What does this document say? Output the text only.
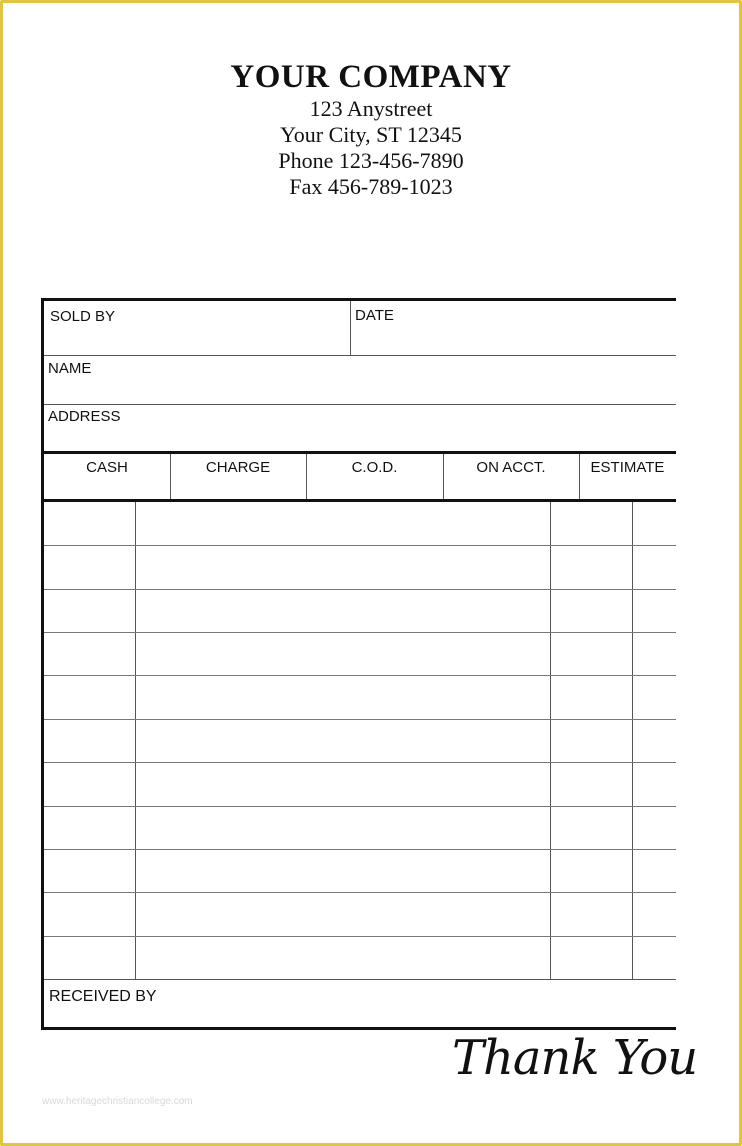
YOUR COMPANY
123 Anystreet
Your City, ST 12345
Phone 123-456-7890
Fax 456-789-1023
SOLD BY	DATE
NAME
ADDRESS
CASH	CHARGE	C.O.D.	ON ACCT.	ESTIMATE
RECEIVED BY
Thank You
www.heritagechristiancollege.com
